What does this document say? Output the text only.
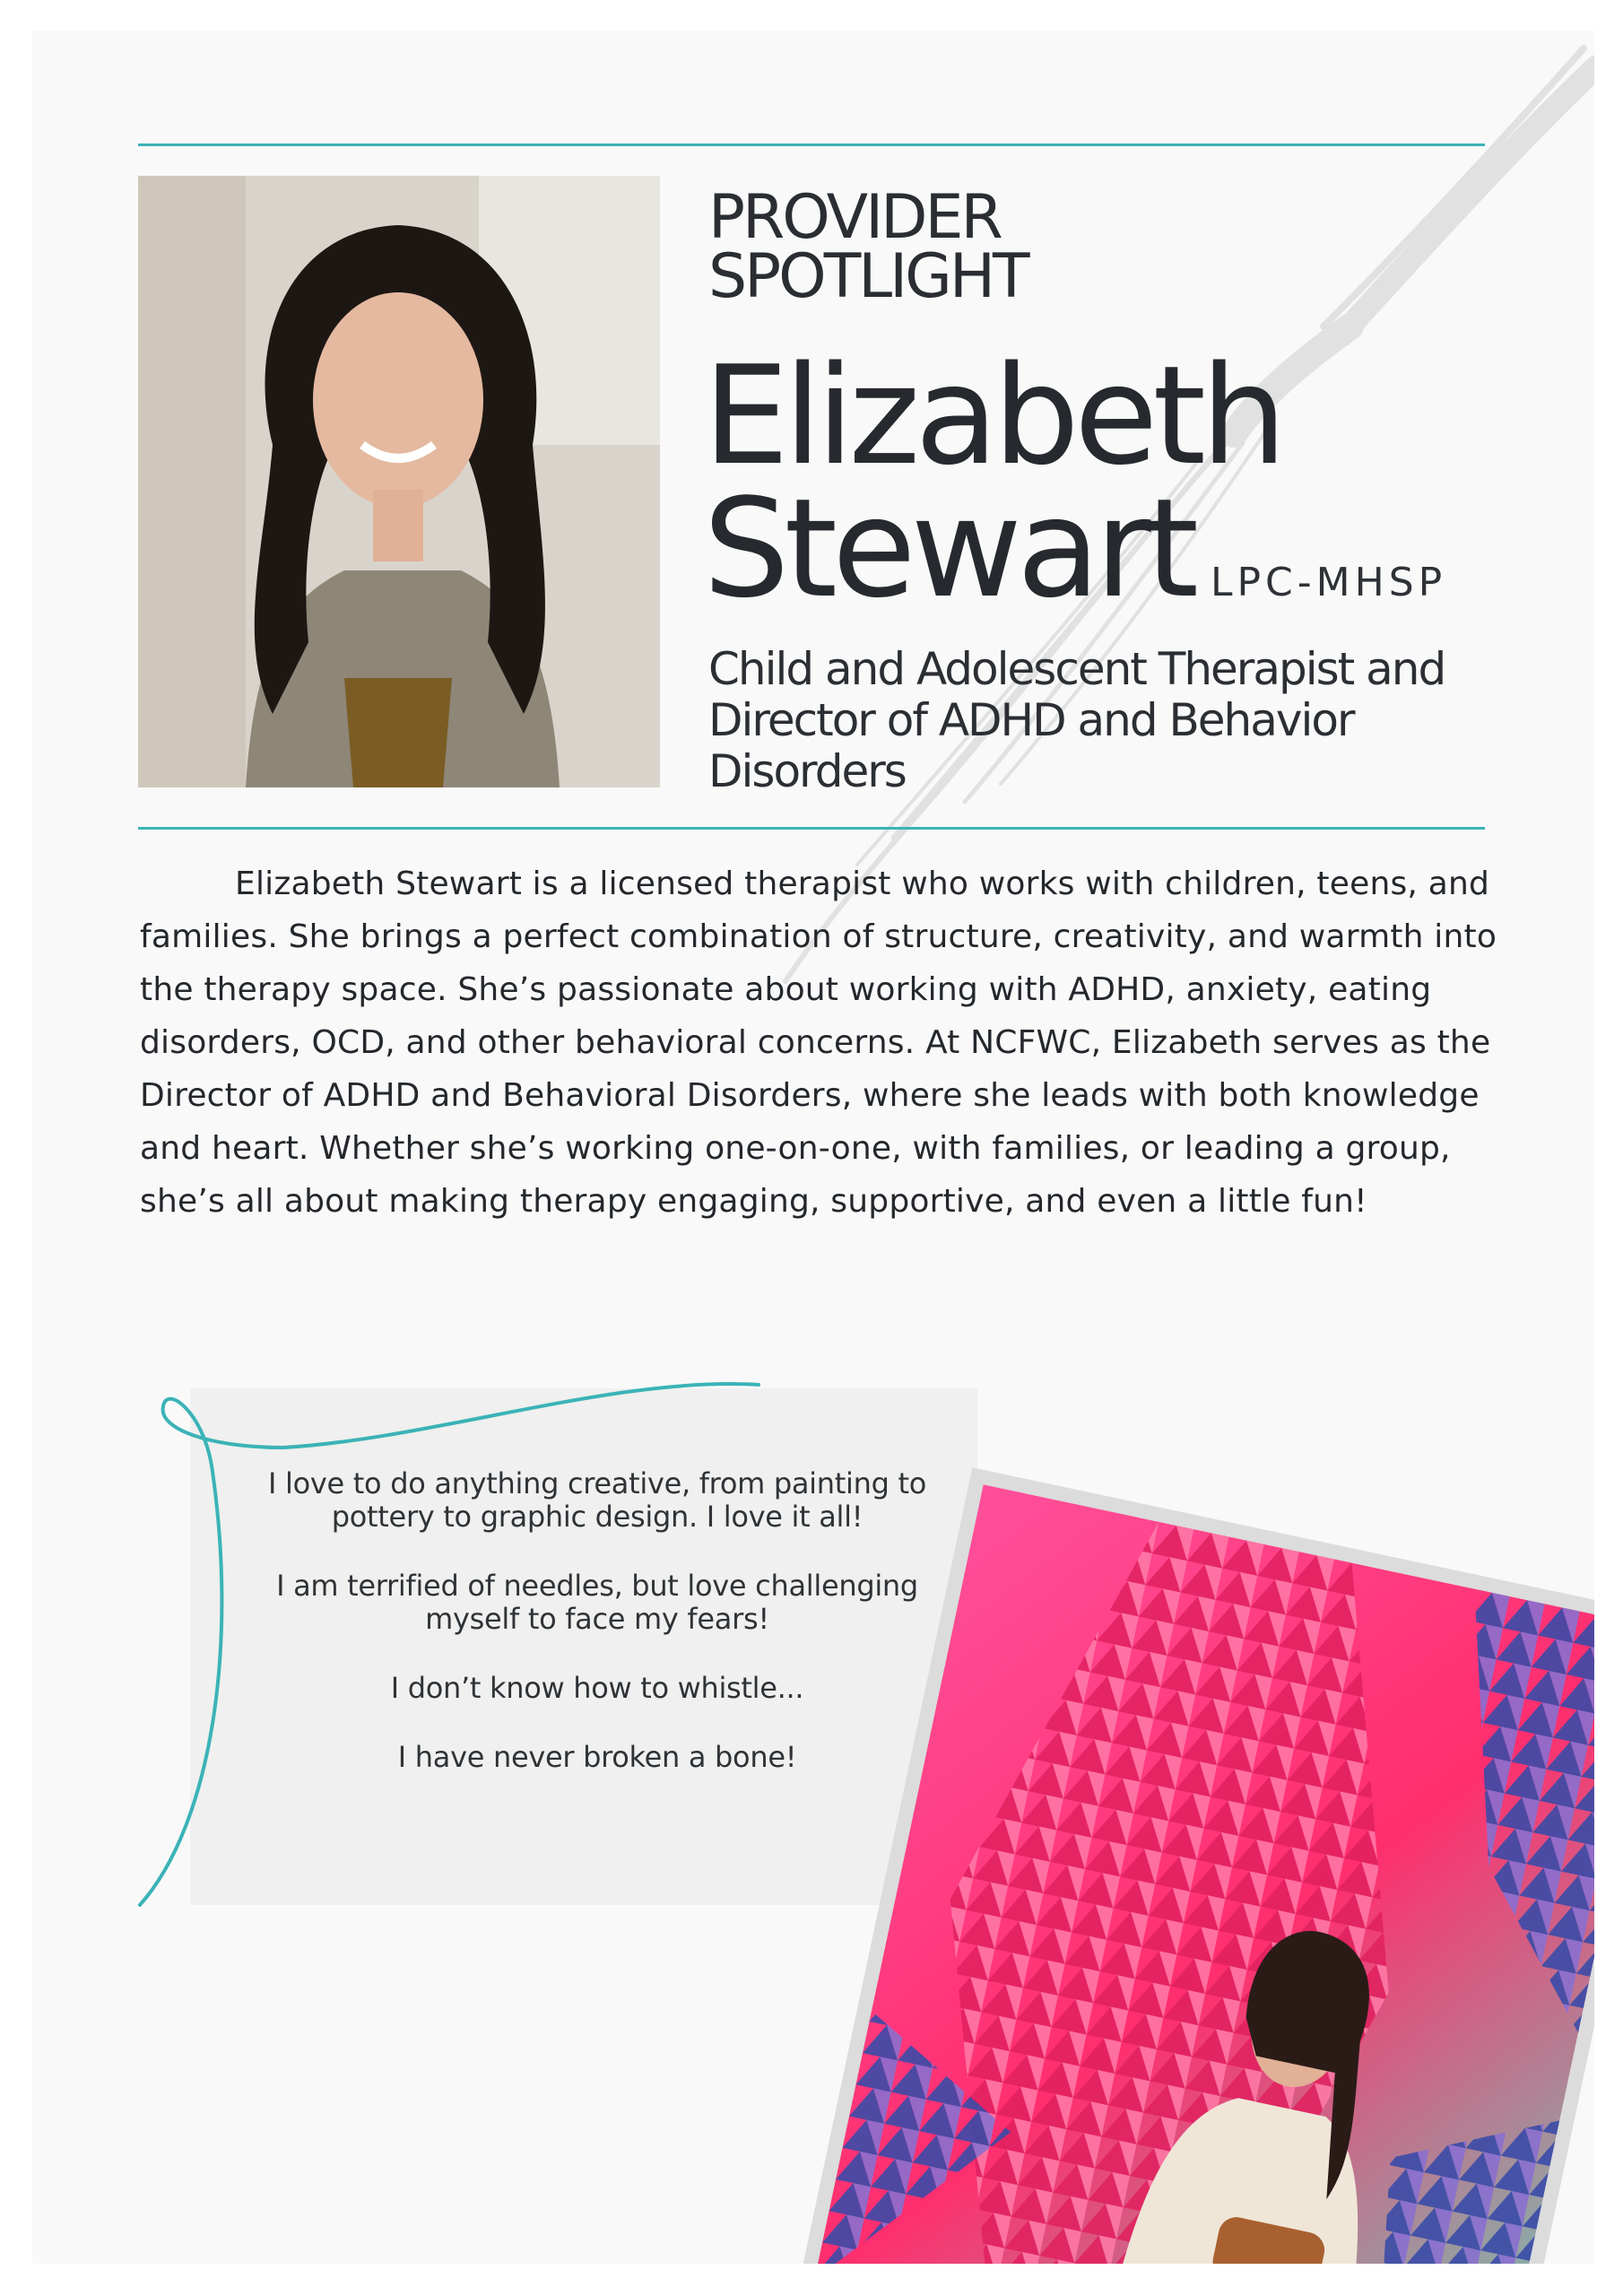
PROVIDER
SPOTLIGHT
Elizabeth
Stewart LPC-MHSP
Child and Adolescent Therapist and Director of ADHD and Behavior Disorders
Elizabeth Stewart is a licensed therapist who works with children, teens, and families. She brings a perfect combination of structure, creativity, and warmth into the therapy space. She’s passionate about working with ADHD, anxiety, eating disorders, OCD, and other behavioral concerns. At NCFWC, Elizabeth serves as the Director of ADHD and Behavioral Disorders, where she leads with both knowledge and heart. Whether she’s working one-on-one, with families, or leading a group, she’s all about making therapy engaging, supportive, and even a little fun!
I love to do anything creative, from painting to pottery to graphic design. I love it all!
I am terrified of needles, but love challenging myself to face my fears!
I don’t know how to whistle...
I have never broken a bone!
